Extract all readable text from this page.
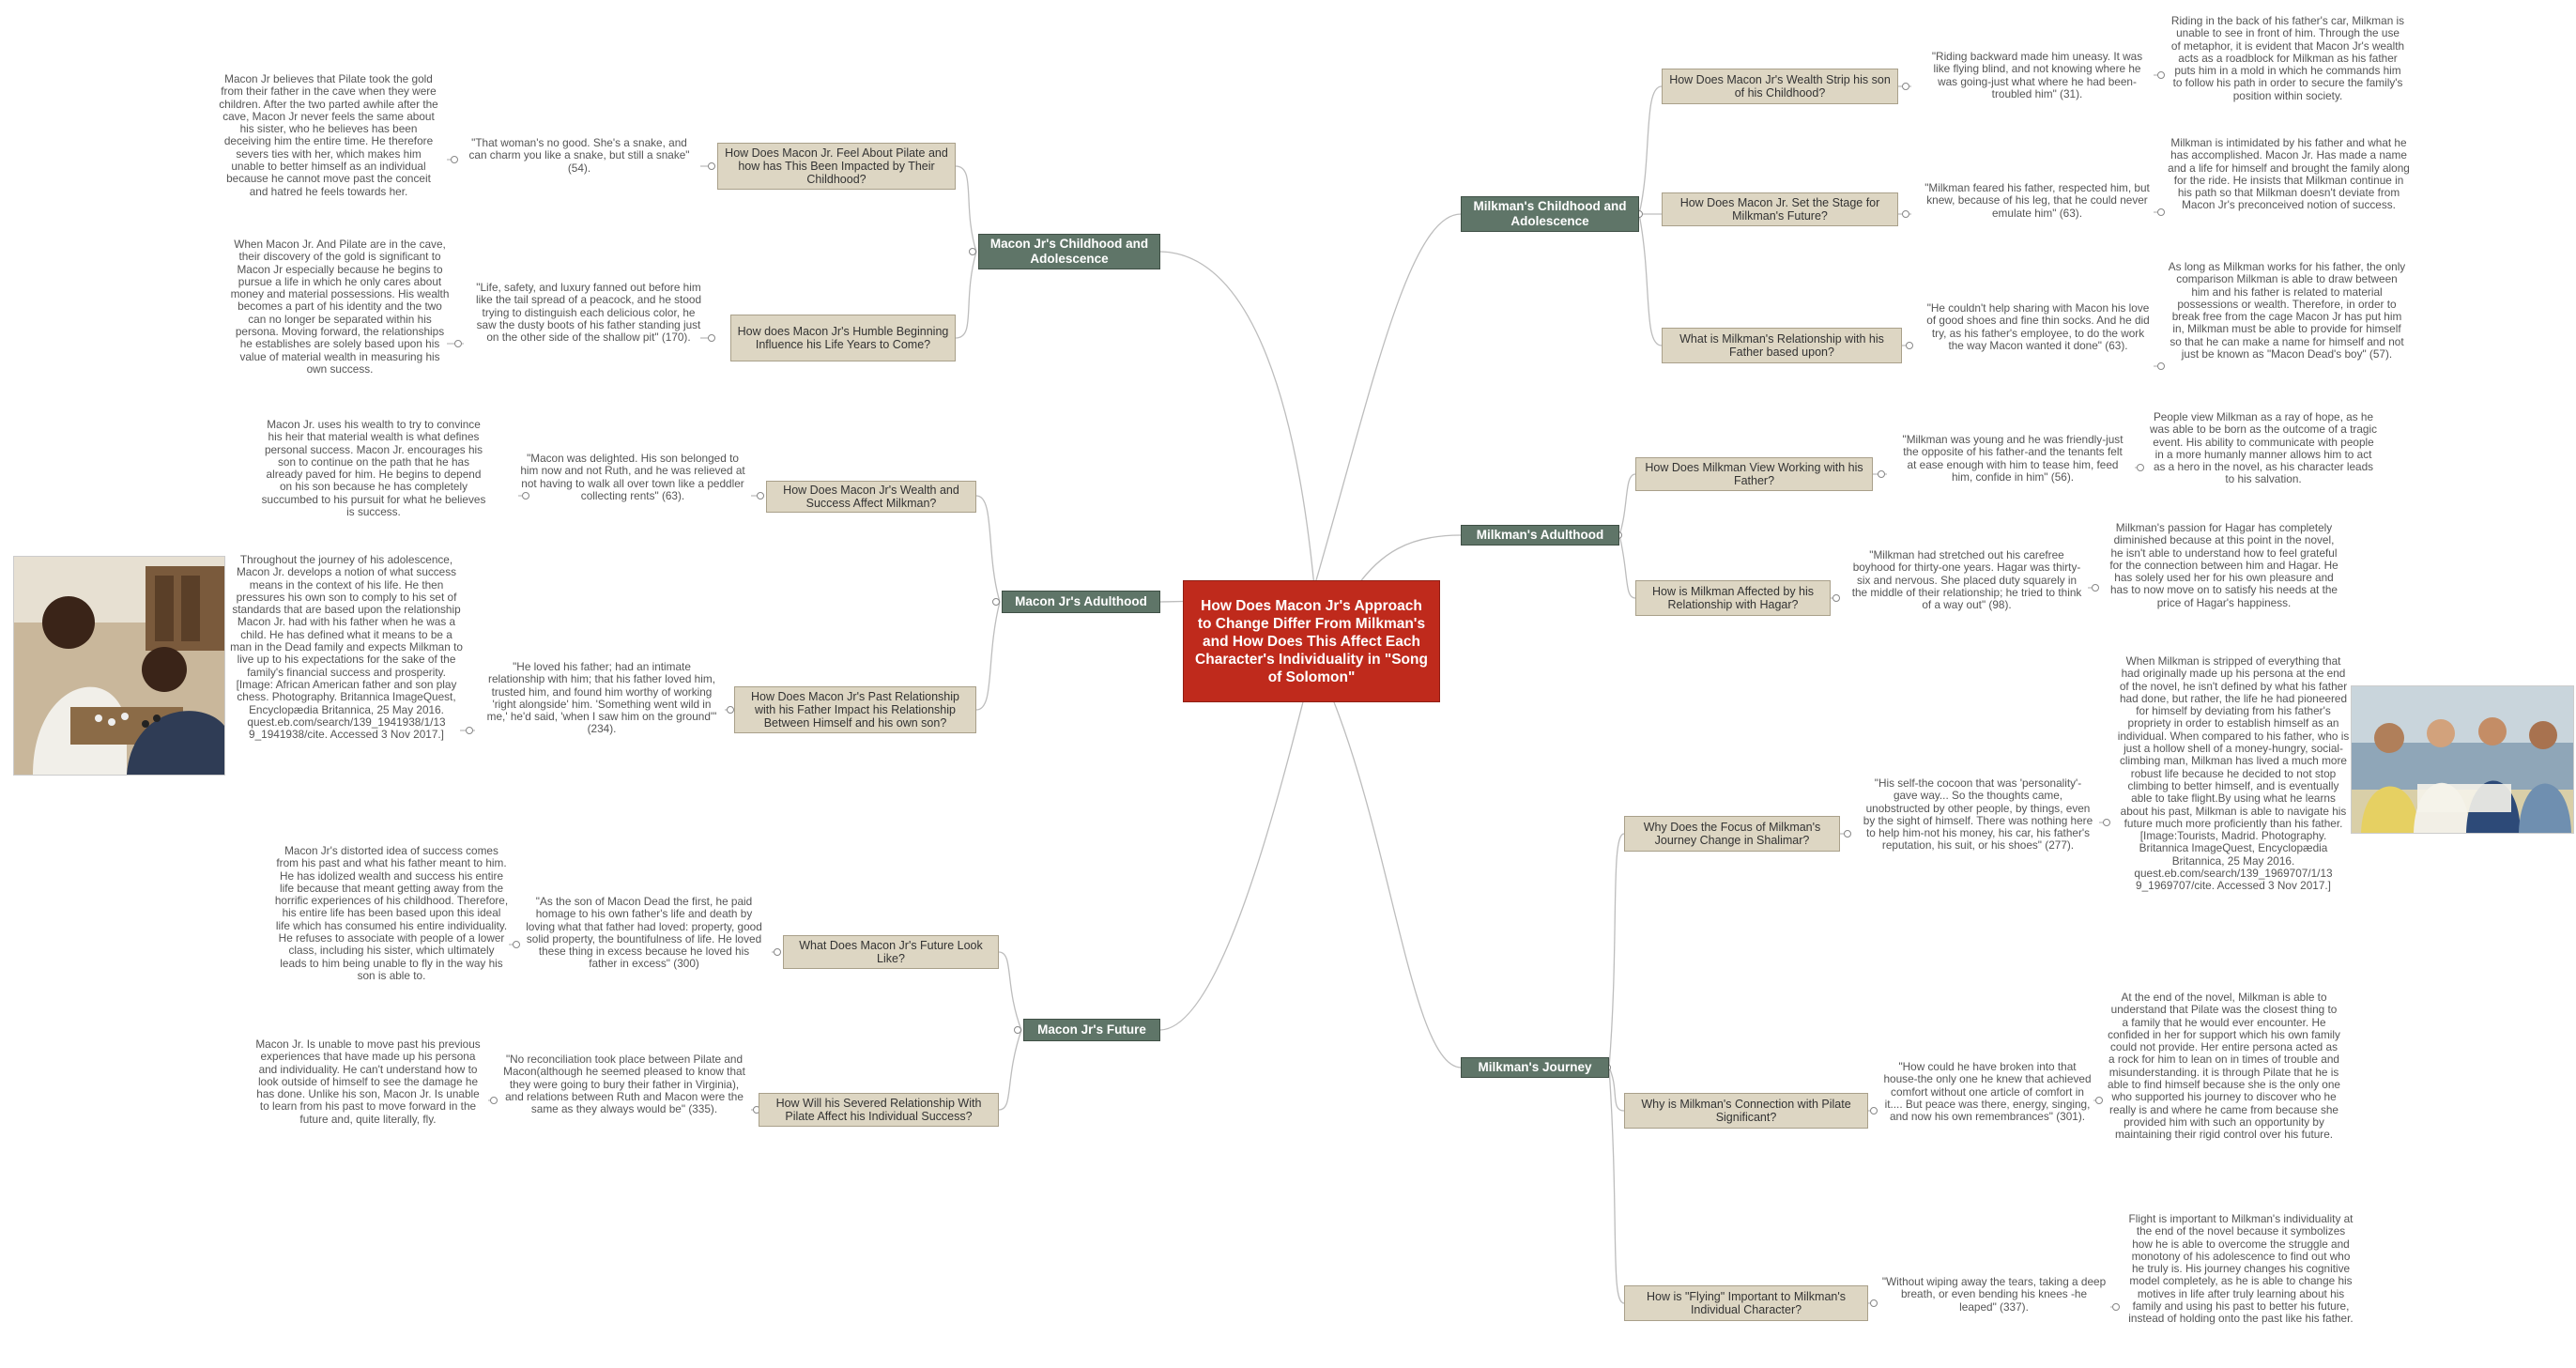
How Does Macon Jr's Approach to Change Differ From Milkman's and How Does This Affect Each Character's Individuality in "Song of Solomon"
Macon Jr's Childhood and Adolescence
Macon Jr's Adulthood
Macon Jr's Future
Milkman's Childhood and Adolescence
Milkman's Adulthood
Milkman's Journey
How Does Macon Jr. Feel About Pilate and how has This Been Impacted by Their Childhood?
How does Macon Jr's Humble Beginning Influence his Life Years to Come?
How Does Macon Jr's Wealth and Success Affect Milkman?
How Does Macon Jr's Past Relationship with his Father Impact his Relationship Between Himself and his own son?
What Does Macon Jr's Future Look Like?
How Will his Severed Relationship With Pilate Affect his Individual Success?
How Does Macon Jr's Wealth Strip his son of his Childhood?
How Does Macon Jr. Set the Stage for Milkman's Future?
What is Milkman's Relationship with his Father based upon?
How Does Milkman View Working with his Father?
How is Milkman Affected by his Relationship with Hagar?
Why Does the Focus of Milkman's Journey Change in Shalimar?
Why is Milkman's Connection with Pilate Significant?
How is "Flying" Important to Milkman's Individual Character?
"That woman's no good. She's a snake, and can charm you like a snake, but still a snake" (54).
"Life, safety, and luxury fanned out before him like the tail spread of a peacock, and he stood trying to distinguish each delicious color, he saw the dusty boots of his father standing just on the other side of the shallow pit" (170).
"Macon was delighted. His son belonged to him now and not Ruth, and he was relieved at not having to walk all over town like a peddler collecting rents" (63).
"He loved his father; had an intimate relationship with him; that his father loved him, trusted him, and found him worthy of working 'right alongside' him. 'Something went wild in me,' he'd said, 'when I saw him on the ground'" (234).
"As the son of Macon Dead the first, he paid homage to his own father's life and death by loving what that father had loved: property, good solid property, the bountifulness of life. He loved these thing in excess because he loved his father in excess" (300)
"No reconciliation took place between Pilate and Macon(although he seemed pleased to know that they were going to bury their father in Virginia), and relations between Ruth and Macon were the same as they always would be" (335).
Macon Jr believes that Pilate took the gold from their father in the cave when they were children. After the two parted awhile after the cave, Macon Jr never feels the same about his sister, who he believes has been deceiving him the entire time. He therefore severs ties with her, which makes him unable to better himself as an individual because he cannot move past the conceit and hatred he feels towards her.
When Macon Jr. And Pilate are in the cave, their discovery of the gold is significant to Macon Jr especially because he begins to pursue a life in which he only cares about money and material possessions. His wealth becomes a part of his identity and the two can no longer be separated within his persona. Moving forward, the relationships he establishes are solely based upon his value of material wealth in measuring his own success.
Macon Jr. uses his wealth to try to convince his heir that material wealth is what defines personal success. Macon Jr. encourages his son to continue on the path that he has already paved for him. He begins to depend on his son because he has completely succumbed to his pursuit for what he believes is success.
Throughout the journey of his adolescence, Macon Jr. develops a notion of what success means in the context of his life. He then pressures his own son to comply to his set of standards that are based upon the relationship Macon Jr. had with his father when he was a child. He has defined what it means to be a man in the Dead family and expects Milkman to live up to his expectations for the sake of the family's financial success and prosperity.
[Image: African American father and son play chess. Photography. Britannica ImageQuest, Encyclopædia Britannica, 25 May 2016.
quest.eb.com/search/139_1941938/1/13
9_1941938/cite. Accessed 3 Nov 2017.]
Macon Jr's distorted idea of success comes from his past and what his father meant to him. He has idolized wealth and success his entire life because that meant getting away from the horrific experiences of his childhood. Therefore, his entire life has been based upon this ideal life which has consumed his entire individuality. He refuses to associate with people of a lower class, including his sister, which ultimately leads to him being unable to fly in the way his son is able to.
Macon Jr. Is unable to move past his previous experiences that have made up his persona and individuality. He can't understand how to look outside of himself to see the damage he has done. Unlike his son, Macon Jr. Is unable to learn from his past to move forward in the future and, quite literally, fly.
"Riding backward made him uneasy. It was like flying blind, and not knowing where he was going-just what where he had been-troubled him" (31).
"Milkman feared his father, respected him, but knew, because of his leg, that he could never emulate him" (63).
"He couldn't help sharing with Macon his love of good shoes and fine thin socks. And he did try, as his father's employee, to do the work the way Macon wanted it done" (63).
"Milkman was young and he was friendly-just the opposite of his father-and the tenants felt at ease enough with him to tease him, feed him, confide in him" (56).
"Milkman had stretched out his carefree boyhood for thirty-one years. Hagar was thirty-six and nervous. She placed duty squarely in the middle of their relationship; he tried to think of a way out" (98).
"His self-the cocoon that was 'personality'-gave way... So the thoughts came, unobstructed by other people, by things, even by the sight of himself. There was nothing here to help him-not his money, his car, his father's reputation, his suit, or his shoes" (277).
"How could he have broken into that house-the only one he knew that achieved comfort without one article of comfort in it.... But peace was there, energy, singing, and now his own remembrances" (301).
"Without wiping away the tears, taking a deep breath, or even bending his knees -he leaped" (337).
Riding in the back of his father's car, Milkman is unable to see in front of him. Through the use of metaphor, it is evident that Macon Jr's wealth acts as a roadblock for Milkman as his father puts him in a mold in which he commands him to follow his path in order to secure the family's position within society.
Milkman is intimidated by his father and what he has accomplished. Macon Jr. Has made a name and a life for himself and brought the family along for the ride. He insists that Milkman continue in his path so that Milkman doesn't deviate from Macon Jr's preconceived notion of success.
As long as Milkman works for his father, the only comparison Milkman is able to draw between him and his father is related to material possessions or wealth. Therefore, in order to break free from the cage Macon Jr has put him in, Milkman must be able to provide for himself so that he can make a name for himself and not just be known as "Macon Dead's boy" (57).
People view Milkman as a ray of hope, as he was able to be born as the outcome of a tragic event. His ability to communicate with people in a more humanly manner allows him to act as a hero in the novel, as his character leads to his salvation.
Milkman's passion for Hagar has completely diminished because at this point in the novel, he isn't able to understand how to feel grateful for the connection between him and Hagar. He has solely used her for his own pleasure and has to now move on to satisfy his needs at the price of Hagar's happiness.
When Milkman is stripped of everything that had originally made up his persona at the end of the novel, he isn't defined by what his father had done, but rather, the life he had pioneered for himself by deviating from his father's propriety in order to establish himself as an individual. When compared to his father, who is just a hollow shell of a money-hungry, social-climbing man, Milkman has lived a much more robust life because he decided to not stop climbing to better himself, and is eventually able to take flight.By using what he learns about his past, Milkman is able to navigate his future much more proficiently than his father.
[Image:Tourists, Madrid. Photography. Britannica ImageQuest, Encyclopædia Britannica, 25 May 2016.
quest.eb.com/search/139_1969707/1/13
9_1969707/cite. Accessed 3 Nov 2017.]
At the end of the novel, Milkman is able to understand that Pilate was the closest thing to a family that he would ever encounter. He confided in her for support which his own family could not provide. Her entire persona acted as a rock for him to lean on in times of trouble and misunderstanding. it is through Pilate that he is able to find himself because she is the only one who supported his journey to discover who he really is and where he came from because she provided him with such an opportunity by maintaining their rigid control over his future.
Flight is important to Milkman's individuality at the end of the novel because it symbolizes how he is able to overcome the struggle and monotony of his adolescence to find out who he truly is. His journey changes his cognitive model completely, as he is able to change his motives in life after truly learning about his family and using his past to better his future, instead of holding onto the past like his father.
